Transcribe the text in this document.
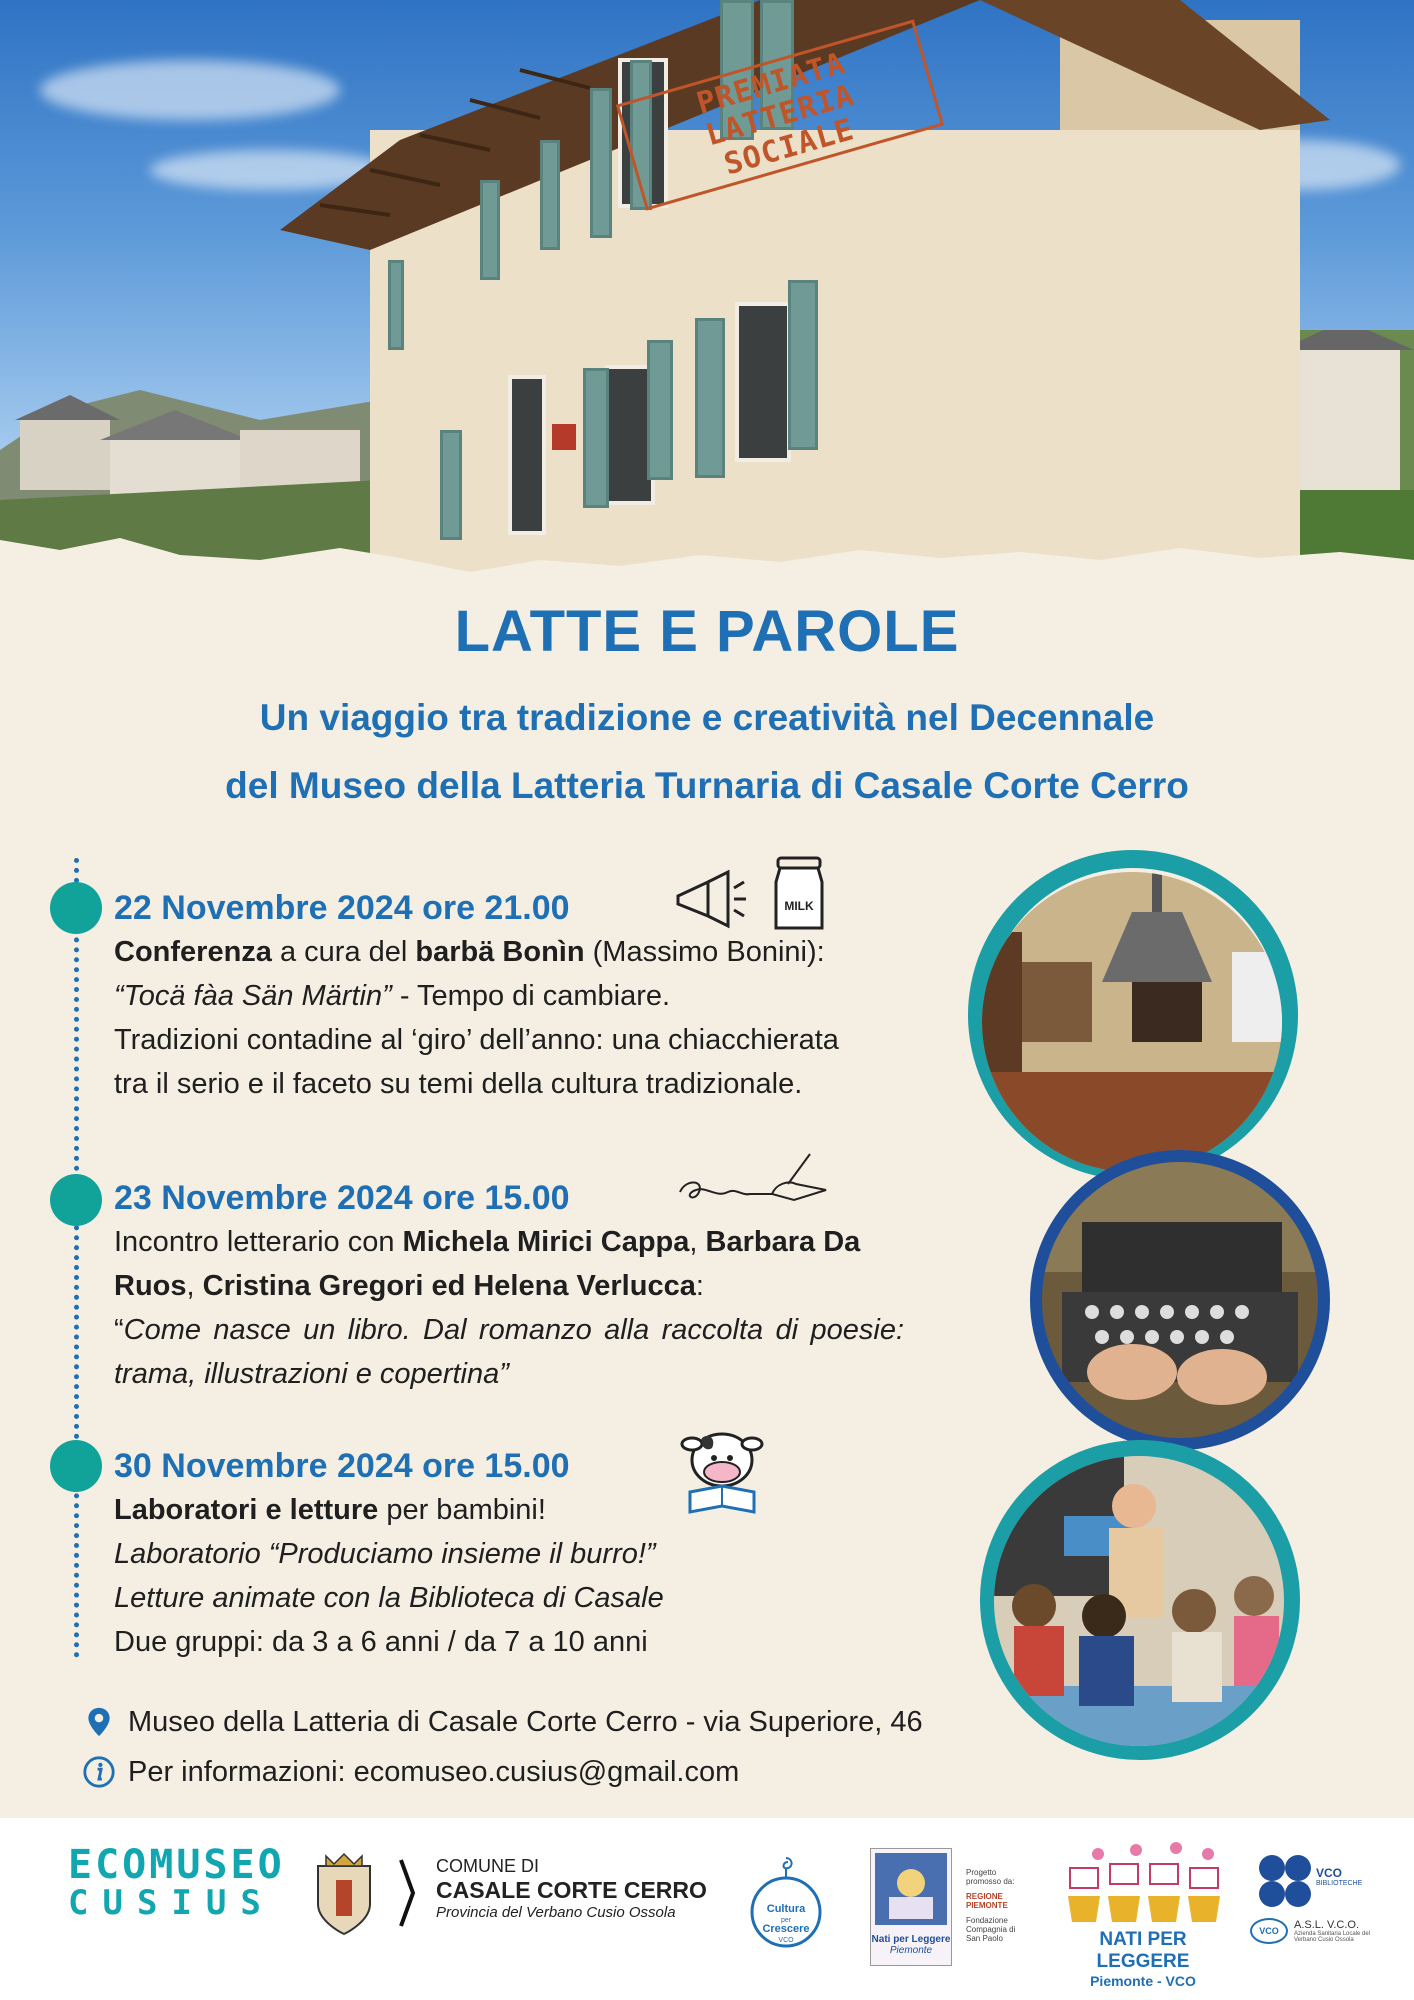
PREMIATA LATTERIA SOCIALE
LATTE E PAROLE
Un viaggio tra tradizione e creatività nel Decennale
del Museo della Latteria Turnaria di Casale Corte Cerro
22 Novembre 2024 ore 21.00

Conferenza a cura del barbä Bonìn (Massimo Bonini):

“Tocä fàa Sän Märtin” - Tempo di cambiare.

Tradizioni contadine al ‘giro’ dell’anno: una chiacchierata tra il serio e il faceto su temi della cultura tradizionale.

MILK
23 Novembre 2024 ore 15.00

Incontro letterario con Michela Mirici Cappa, Barbara Da Ruos, Cristina Gregori ed Helena Verlucca:

“Come nasce un libro. Dal romanzo alla raccolta di poesie: trama, illustrazioni e copertina”

30 Novembre 2024 ore 15.00

Laboratori e letture per bambini!

Laboratorio “Produciamo insieme il burro!”

Letture animate con la Biblioteca di Casale

Due gruppi: da 3 a 6 anni / da 7 a 10 anni

Museo della Latteria di Casale Corte Cerro - via Superiore, 46
Per informazioni: ecomuseo.cusius@gmail.com
ECOMUSEO
CUSIUS
COMUNE DI
CASALE CORTE CERRO
Provincia del Verbano Cusio Ossola	Cultura
per
Crescere
VCO	Nati per Leggere
Piemonte
Progetto promosso da:
REGIONE PIEMONTE
Fondazione Compagnia di San Paolo	NATI PER LEGGERE
Piemonte - VCO
VCO
BIBLIOTECHE
VCO	A.S.L. V.C.O.
Azienda Sanitaria Locale del Verbano Cusio Ossola
